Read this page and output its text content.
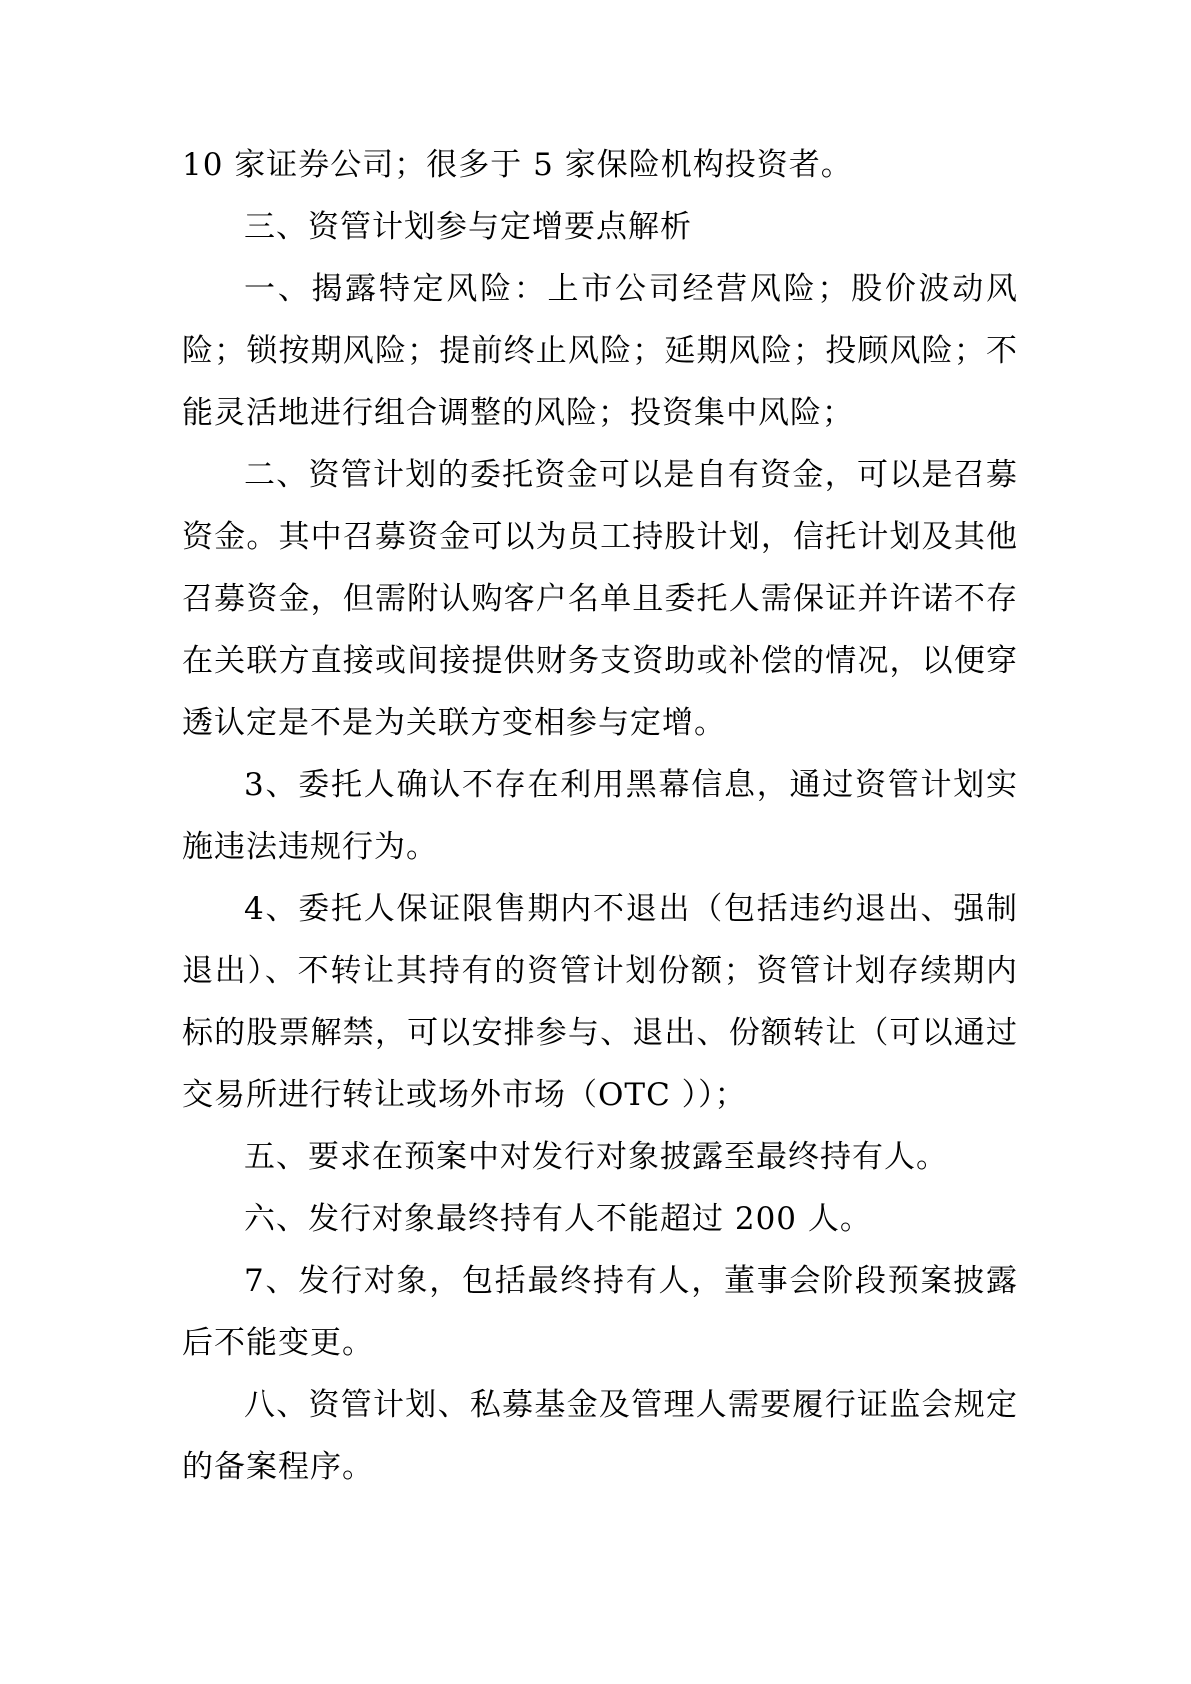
10 家证券公司；很多于 5 家保险机构投资者。

三、资管计划参与定增要点解析

一、揭露特定风险：上市公司经营风险；股价波动风险；锁按期风险；提前终止风险；延期风险；投顾风险；不能灵活地进行组合调整的风险；投资集中风险；

二、资管计划的委托资金可以是自有资金，可以是召募资金。其中召募资金可以为员工持股计划，信托计划及其他召募资金，但需附认购客户名单且委托人需保证并许诺不存在关联方直接或间接提供财务支资助或补偿的情况，以便穿透认定是不是为关联方变相参与定增。

3、委托人确认不存在利用黑幕信息，通过资管计划实施违法违规行为。

4、委托人保证限售期内不退出（包括违约退出、强制退出）、不转让其持有的资管计划份额；资管计划存续期内标的股票解禁，可以安排参与、退出、份额转让（可以通过交易所进行转让或场外市场（OTC ））；

五、要求在预案中对发行对象披露至最终持有人。

六、发行对象最终持有人不能超过 200 人。

7、发行对象，包括最终持有人，董事会阶段预案披露后不能变更。

八、资管计划、私募基金及管理人需要履行证监会规定的备案程序。
